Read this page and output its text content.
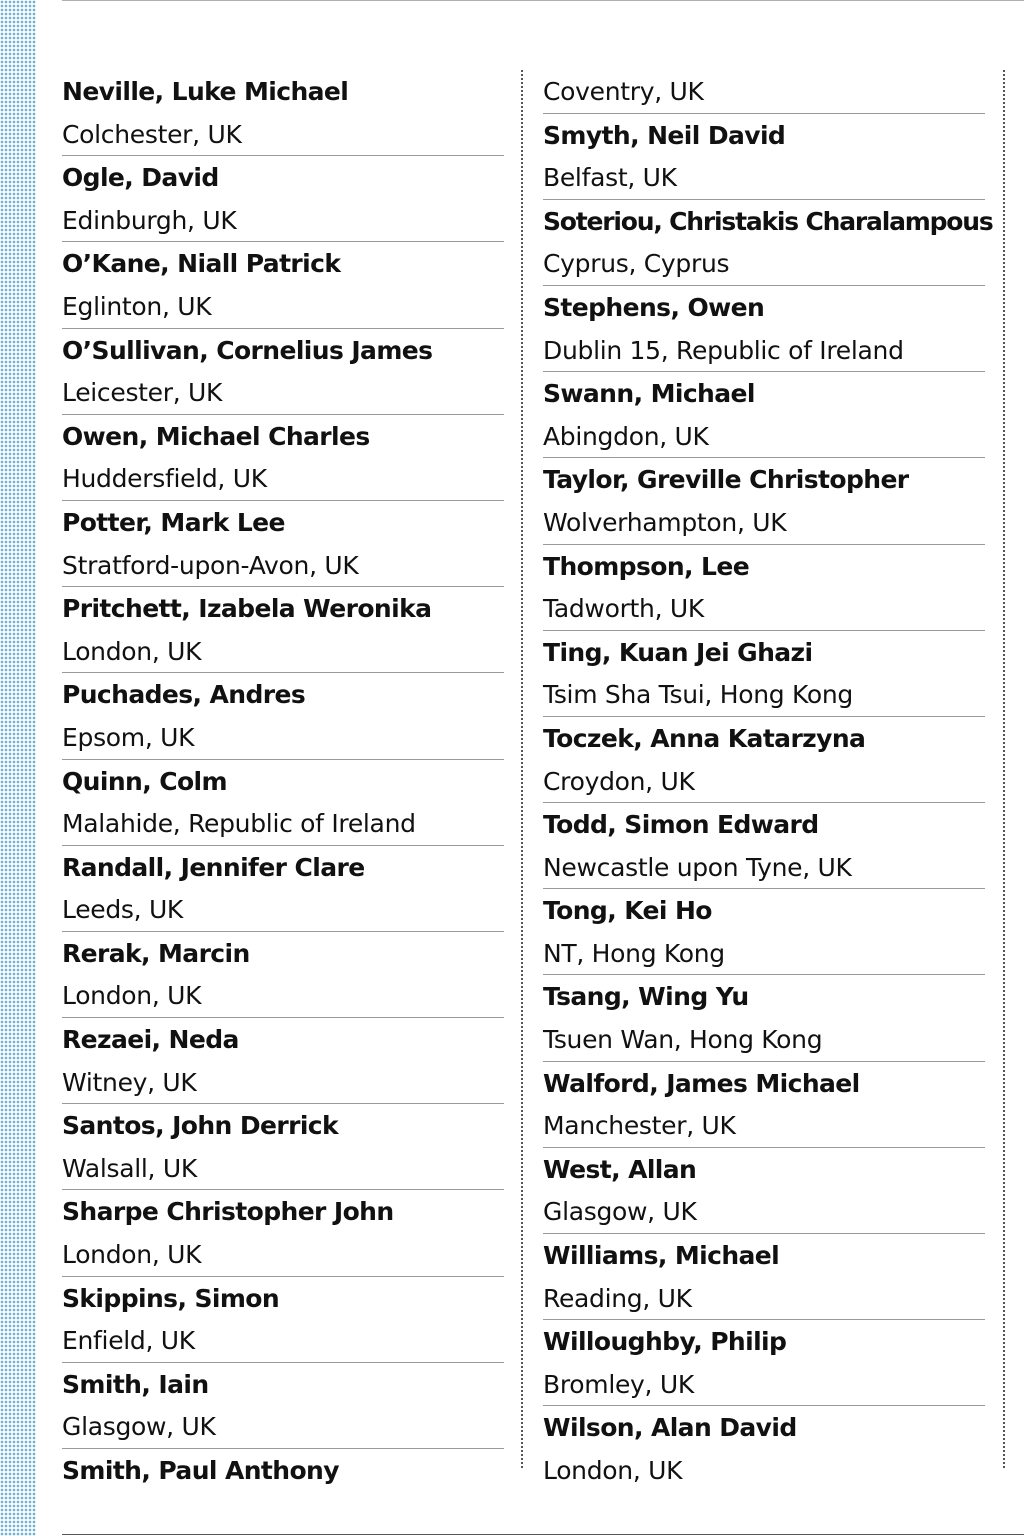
Neville, Luke Michael
Colchester, UK
Ogle, David
Edinburgh, UK
O’Kane, Niall Patrick
Eglinton, UK
O’Sullivan, Cornelius James
Leicester, UK
Owen, Michael Charles
Huddersfield, UK
Potter, Mark Lee
Stratford-upon-Avon, UK
Pritchett, Izabela Weronika
London, UK
Puchades, Andres
Epsom, UK
Quinn, Colm
Malahide, Republic of Ireland
Randall, Jennifer Clare
Leeds, UK
Rerak, Marcin
London, UK
Rezaei, Neda
Witney, UK
Santos, John Derrick
Walsall, UK
Sharpe Christopher John
London, UK
Skippins, Simon
Enfield, UK
Smith, Iain
Glasgow, UK
Smith, Paul Anthony
Coventry, UK
Smyth, Neil David
Belfast, UK
Soteriou, Christakis Charalampous
Cyprus, Cyprus
Stephens, Owen
Dublin 15, Republic of Ireland
Swann, Michael
Abingdon, UK
Taylor, Greville Christopher
Wolverhampton, UK
Thompson, Lee
Tadworth, UK
Ting, Kuan Jei Ghazi
Tsim Sha Tsui, Hong Kong
Toczek, Anna Katarzyna
Croydon, UK
Todd, Simon Edward
Newcastle upon Tyne, UK
Tong, Kei Ho
NT, Hong Kong
Tsang, Wing Yu
Tsuen Wan, Hong Kong
Walford, James Michael
Manchester, UK
West, Allan
Glasgow, UK
Williams, Michael
Reading, UK
Willoughby, Philip
Bromley, UK
Wilson, Alan David
London, UK
